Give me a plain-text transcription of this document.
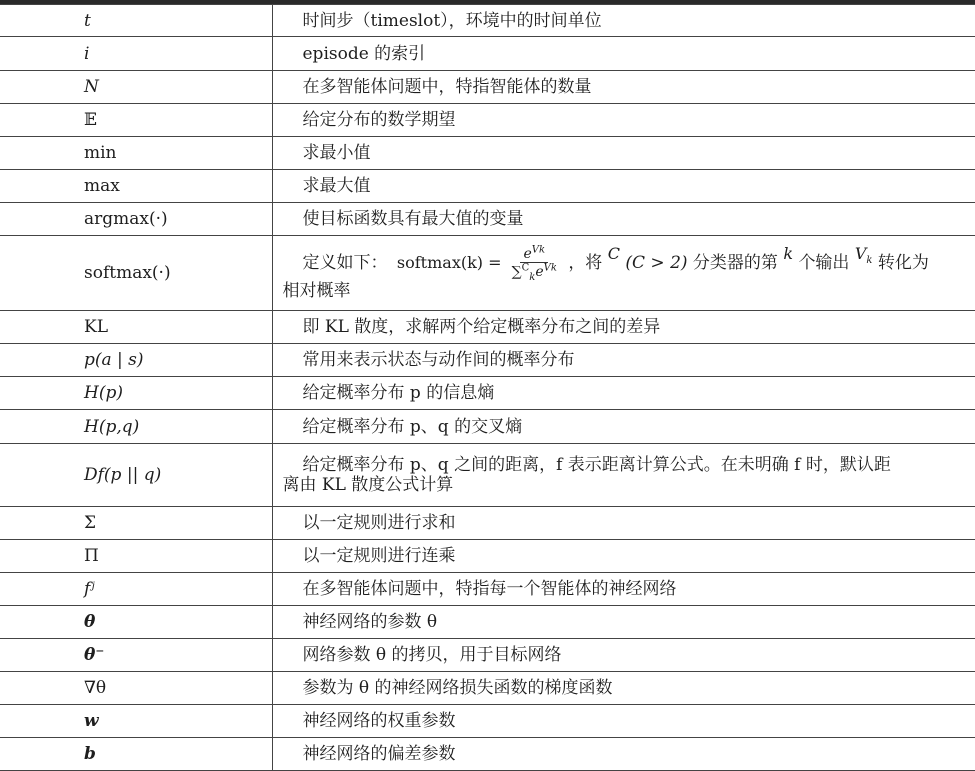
t	时间步（timeslot），环境中的时间单位

i	episode 的索引

N	在多智能体问题中，特指智能体的数量

𝔼	给定分布的数学期望

min	求最小值

max	求最大值

argmax(·)	使目标函数具有最大值的变量

softmax(·)	定义如下： softmax(k) = $\frac{e^{Vk}}{\sum^C_ke^{Vk}}$ ，将 C (C > 2) 分类器的第 k 个输出 $V_k$ 转化为
相对概率

KL	即 KL 散度，求解两个给定概率分布之间的差异

p(a | s)	常用来表示状态与动作间的概率分布

H(p)	给定概率分布 p 的信息熵

H(p,q)	给定概率分布 p、q 的交叉熵

Df(p || q)	给定概率分布 p、q 之间的距离，f 表示距离计算公式。在未明确 f 时，默认距
离由 KL 散度公式计算

Σ	以一定规则进行求和

Π	以一定规则进行连乘

fʲ	在多智能体问题中，特指每一个智能体的神经网络

θ	神经网络的参数 θ

θ⁻	网络参数 θ 的拷贝，用于目标网络

∇θ	参数为 θ 的神经网络损失函数的梯度函数

w	神经网络的权重参数

b	神经网络的偏差参数
